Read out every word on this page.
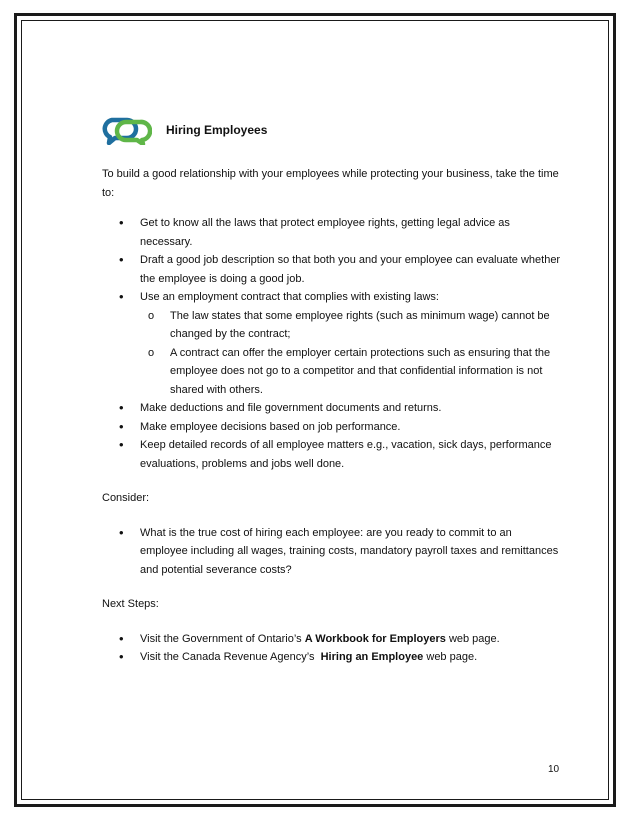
Hiring Employees

To build a good relationship with your employees while protecting your business, take the time to:

• Get to know all the laws that protect employee rights, getting legal advice as necessary.
• Draft a good job description so that both you and your employee can evaluate whether the employee is doing a good job.
• Use an employment contract that complies with existing laws:
o The law states that some employee rights (such as minimum wage) cannot be changed by the contract;
o A contract can offer the employer certain protections such as ensuring that the employee does not go to a competitor and that confidential information is not shared with others.
• Make deductions and file government documents and returns.
• Make employee decisions based on job performance.
• Keep detailed records of all employee matters e.g., vacation, sick days, performance evaluations, problems and jobs well done.

Consider:

• What is the true cost of hiring each employee: are you ready to commit to an employee including all wages, training costs, mandatory payroll taxes and remittances and potential severance costs?

Next Steps:

• Visit the Government of Ontario’s A Workbook for Employers web page.
• Visit the Canada Revenue Agency’s  Hiring an Employee web page.
10
